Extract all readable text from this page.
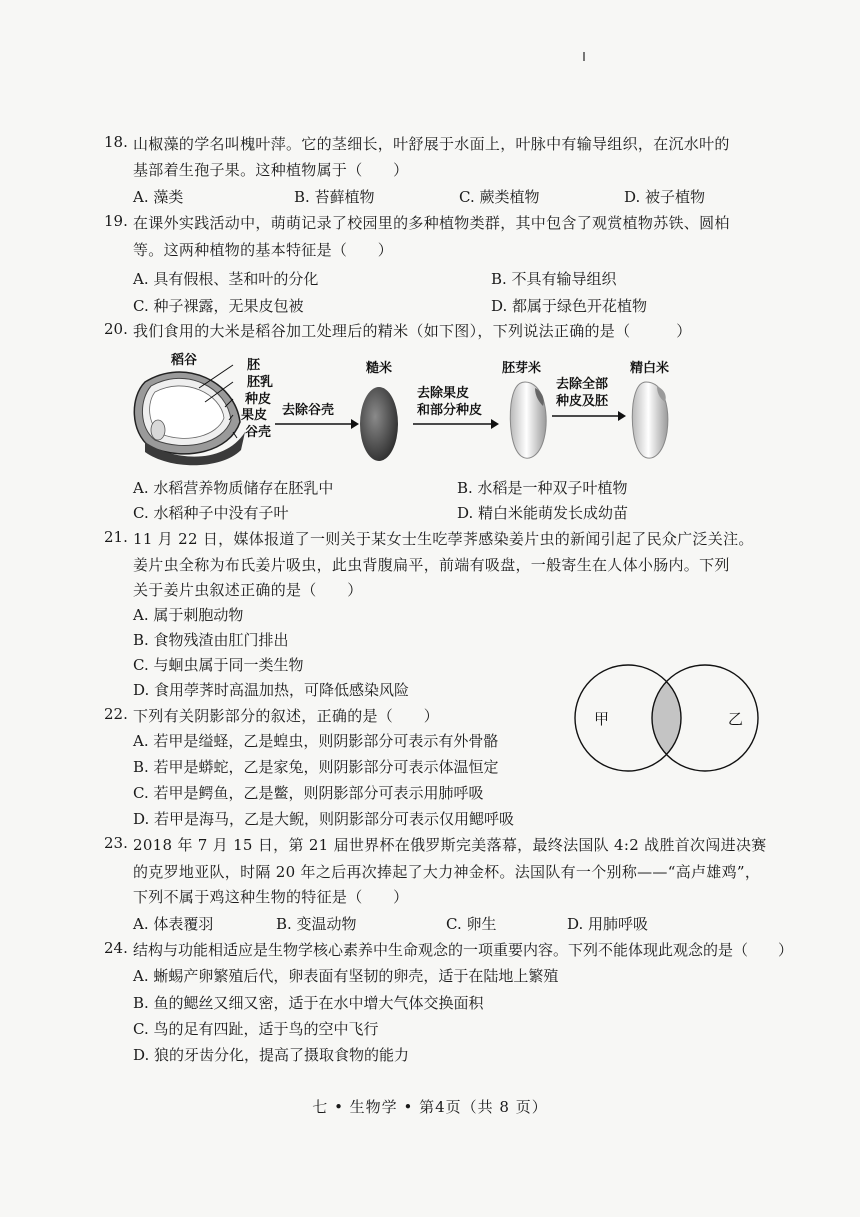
18. 山椒藻的学名叫槐叶萍。它的茎细长，叶舒展于水面上，叶脉中有输导组织，在沉水叶的
基部着生孢子果。这种植物属于（　　）
A. 藻类	B. 苔藓植物	C. 蕨类植物	D. 被子植物
19. 在课外实践活动中，萌萌记录了校园里的多种植物类群，其中包含了观赏植物苏铁、圆柏
等。这两种植物的基本特征是（　　）
A. 具有假根、茎和叶的分化	B. 不具有输导组织
C. 种子裸露，无果皮包被	D. 都属于绿色开花植物
20. 我们食用的大米是稻谷加工处理后的精米（如下图），下列说法正确的是（　　　）
稻谷	胚
胚乳
种皮
果皮
谷壳
去除谷壳
糙米
去除果皮
和部分种皮
胚芽米
去除全部
种皮及胚
精白米
A. 水稻营养物质储存在胚乳中	B. 水稻是一种双子叶植物
C. 水稻种子中没有子叶	D. 精白米能萌发长成幼苗
21. 11 月 22 日，媒体报道了一则关于某女士生吃荸荠感染姜片虫的新闻引起了民众广泛关注。
姜片虫全称为布氏姜片吸虫，此虫背腹扁平，前端有吸盘，一般寄生在人体小肠内。下列
关于姜片虫叙述正确的是（　　）
A. 属于刺胞动物
B. 食物残渣由肛门排出
C. 与蛔虫属于同一类生物
D. 食用荸荠时高温加热，可降低感染风险
甲	乙
22. 下列有关阴影部分的叙述，正确的是（　　）
A. 若甲是缢蛏，乙是蝗虫，则阴影部分可表示有外骨骼
B. 若甲是蟒蛇，乙是家兔，则阴影部分可表示体温恒定
C. 若甲是鳄鱼，乙是鳖，则阴影部分可表示用肺呼吸
D. 若甲是海马，乙是大鲵，则阴影部分可表示仅用鳃呼吸
23. 2018 年 7 月 15 日，第 21 届世界杯在俄罗斯完美落幕，最终法国队 4:2 战胜首次闯进决赛
的克罗地亚队，时隔 20 年之后再次捧起了大力神金杯。法国队有一个别称——“高卢雄鸡”，
下列不属于鸡这种生物的特征是（　　）
A. 体表覆羽	B. 变温动物	C. 卵生	D. 用肺呼吸
24. 结构与功能相适应是生物学核心素养中生命观念的一项重要内容。下列不能体现此观念的是（　　）
A. 蜥蜴产卵繁殖后代，卵表面有坚韧的卵壳，适于在陆地上繁殖
B. 鱼的鳃丝又细又密，适于在水中增大气体交换面积
C. 鸟的足有四趾，适于鸟的空中飞行
D. 狼的牙齿分化，提高了摄取食物的能力
七 • 生物学 • 第4页（共 8 页）
